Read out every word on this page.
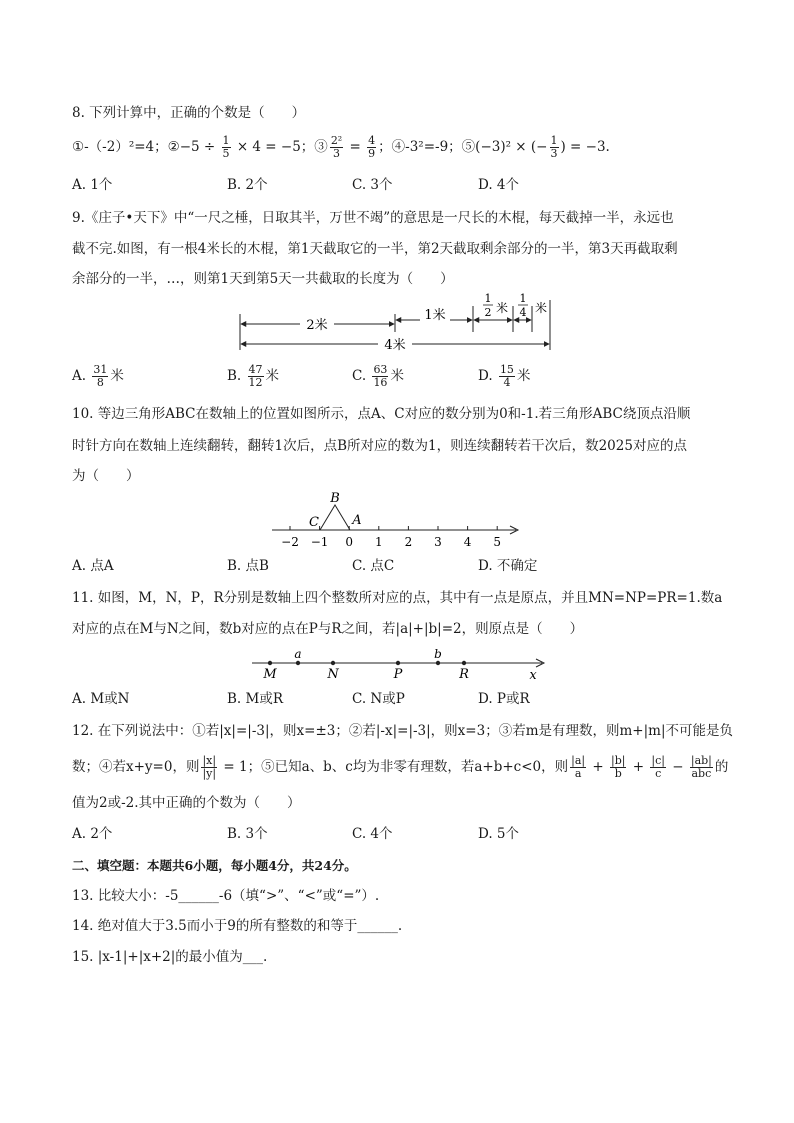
8. 下列计算中，正确的个数是（　　）
①-（-2）²=4；②−5 ÷ $\frac{1}{5} \times 4 = -5$；③ $\frac{\text{2²}}{3} = \frac{4}{9}$ ；④-3²=-9；⑤(−3)² × (− $\frac{1}{3}$ ) = −3.
A. 1个	B. 2个	C. 3个	D. 4个
9.《庄子•天下》中“一尺之棰，日取其半，万世不竭”的意思是一尺长的木棍，每天截掉一半，永远也
截不完.如图，有一根4米长的木棍，第1天截取它的一半，第2天截取剩余部分的一半，第3天再截取剩
余部分的一半，…，则第1天到第5天一共截取的长度为（　　）
2米
1米
1
2 米
1
4 米
4米
A. $\frac{31}{8}$ 米	B. $\frac{47}{12}$ 米	C. $\frac{63}{16}$ 米	D. $\frac{15}{4}$ 米
10. 等边三角形ABC在数轴上的位置如图所示，点A、C对应的数分别为0和-1.若三角形ABC绕顶点沿顺
时针方向在数轴上连续翻转，翻转1次后，点B所对应的数为1，则连续翻转若干次后，数2025对应的点
为（　　）
−2 −1 0 1 2 3 4 5
B
C	A
A. 点A	B. 点B	C. 点C	D. 不确定
11. 如图，M，N，P，R分别是数轴上四个整数所对应的点，其中有一点是原点，并且MN=NP=PR=1.数a
对应的点在M与N之间，数b对应的点在P与R之间，若|a|+|b|=2，则原点是（　　）
M
a
N	P
b
R	x
A. M或N	B. M或R	C. N或P	D. P或R
12. 在下列说法中：①若|x|=|-3|，则x=±3；②若|-x|=|-3|，则x=3；③若m是有理数，则m+|m|不可能是负
数；④若x+y=0，则 $\frac{|x|}{|y|} = 1$；⑤已知a、b、c均为非零有理数，若a+b+c<0，则 $\frac{|a|}{a} + \frac{|b|}{b} + \frac{|c|}{c} - \frac{|ab|}{\text{abc}}$ 的
值为2或-2.其中正确的个数为（　　）
A. 2个	B. 3个	C. 4个	D. 5个
二、填空题：本题共6小题，每小题4分，共24分。
13. 比较大小：-5______-6（填“>”、“<”或“=”）.
14. 绝对值大于3.5而小于9的所有整数的和等于______.
15. |x-1|+|x+2|的最小值为___.
